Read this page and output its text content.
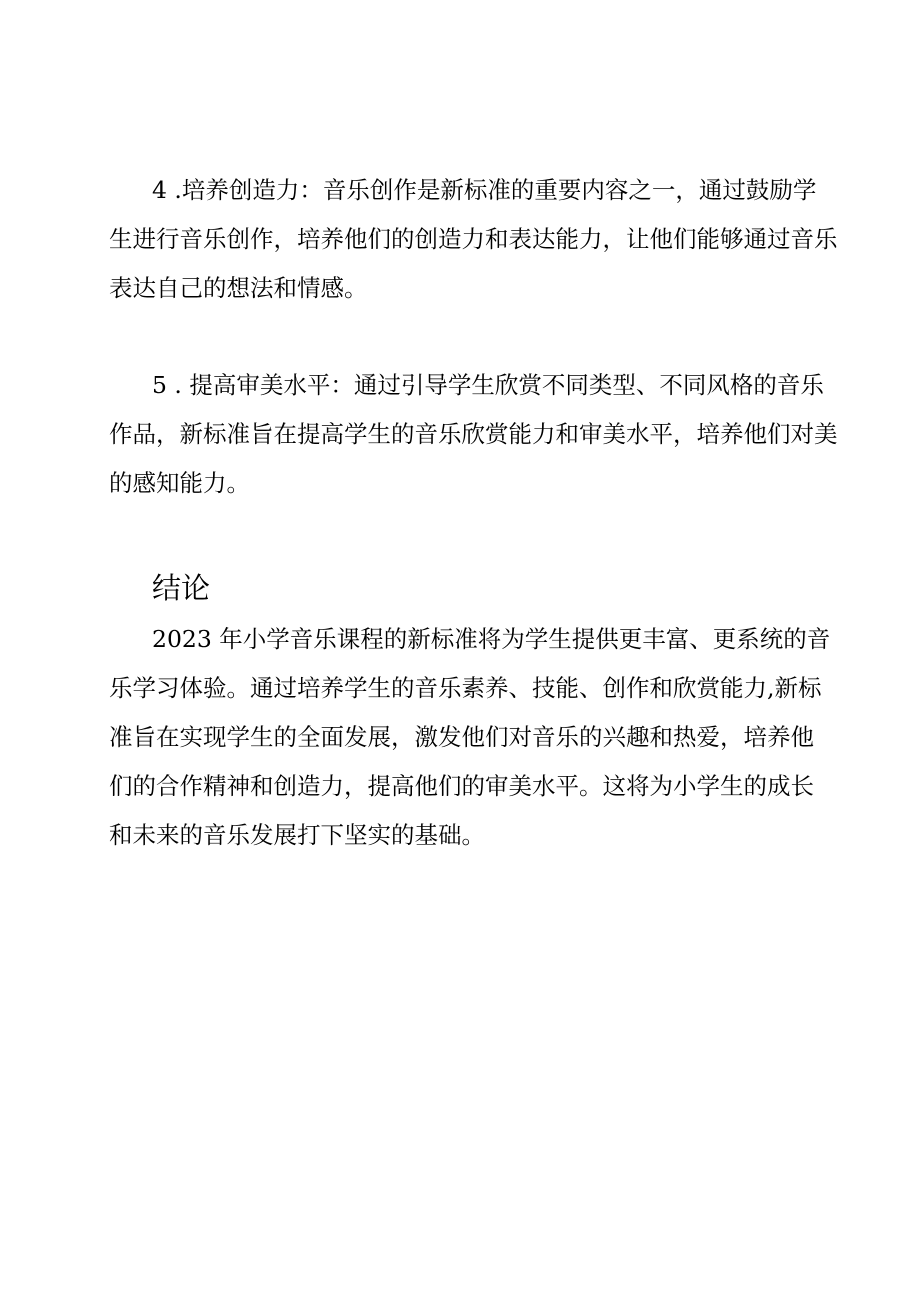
4 .培养创造力：音乐创作是新标准的重要内容之一，通过鼓励学
生进行音乐创作，培养他们的创造力和表达能力，让他们能够通过音乐
表达自己的想法和情感。

5 . 提高审美水平：通过引导学生欣赏不同类型、不同风格的音乐
作品，新标准旨在提高学生的音乐欣赏能力和审美水平，培养他们对美
的感知能力。

结论

2023 年小学音乐课程的新标准将为学生提供更丰富、更系统的音
乐学习体验。通过培养学生的音乐素养、技能、创作和欣赏能力,新标
准旨在实现学生的全面发展，激发他们对音乐的兴趣和热爱，培养他
们的合作精神和创造力，提高他们的审美水平。这将为小学生的成长
和未来的音乐发展打下坚实的基础。
